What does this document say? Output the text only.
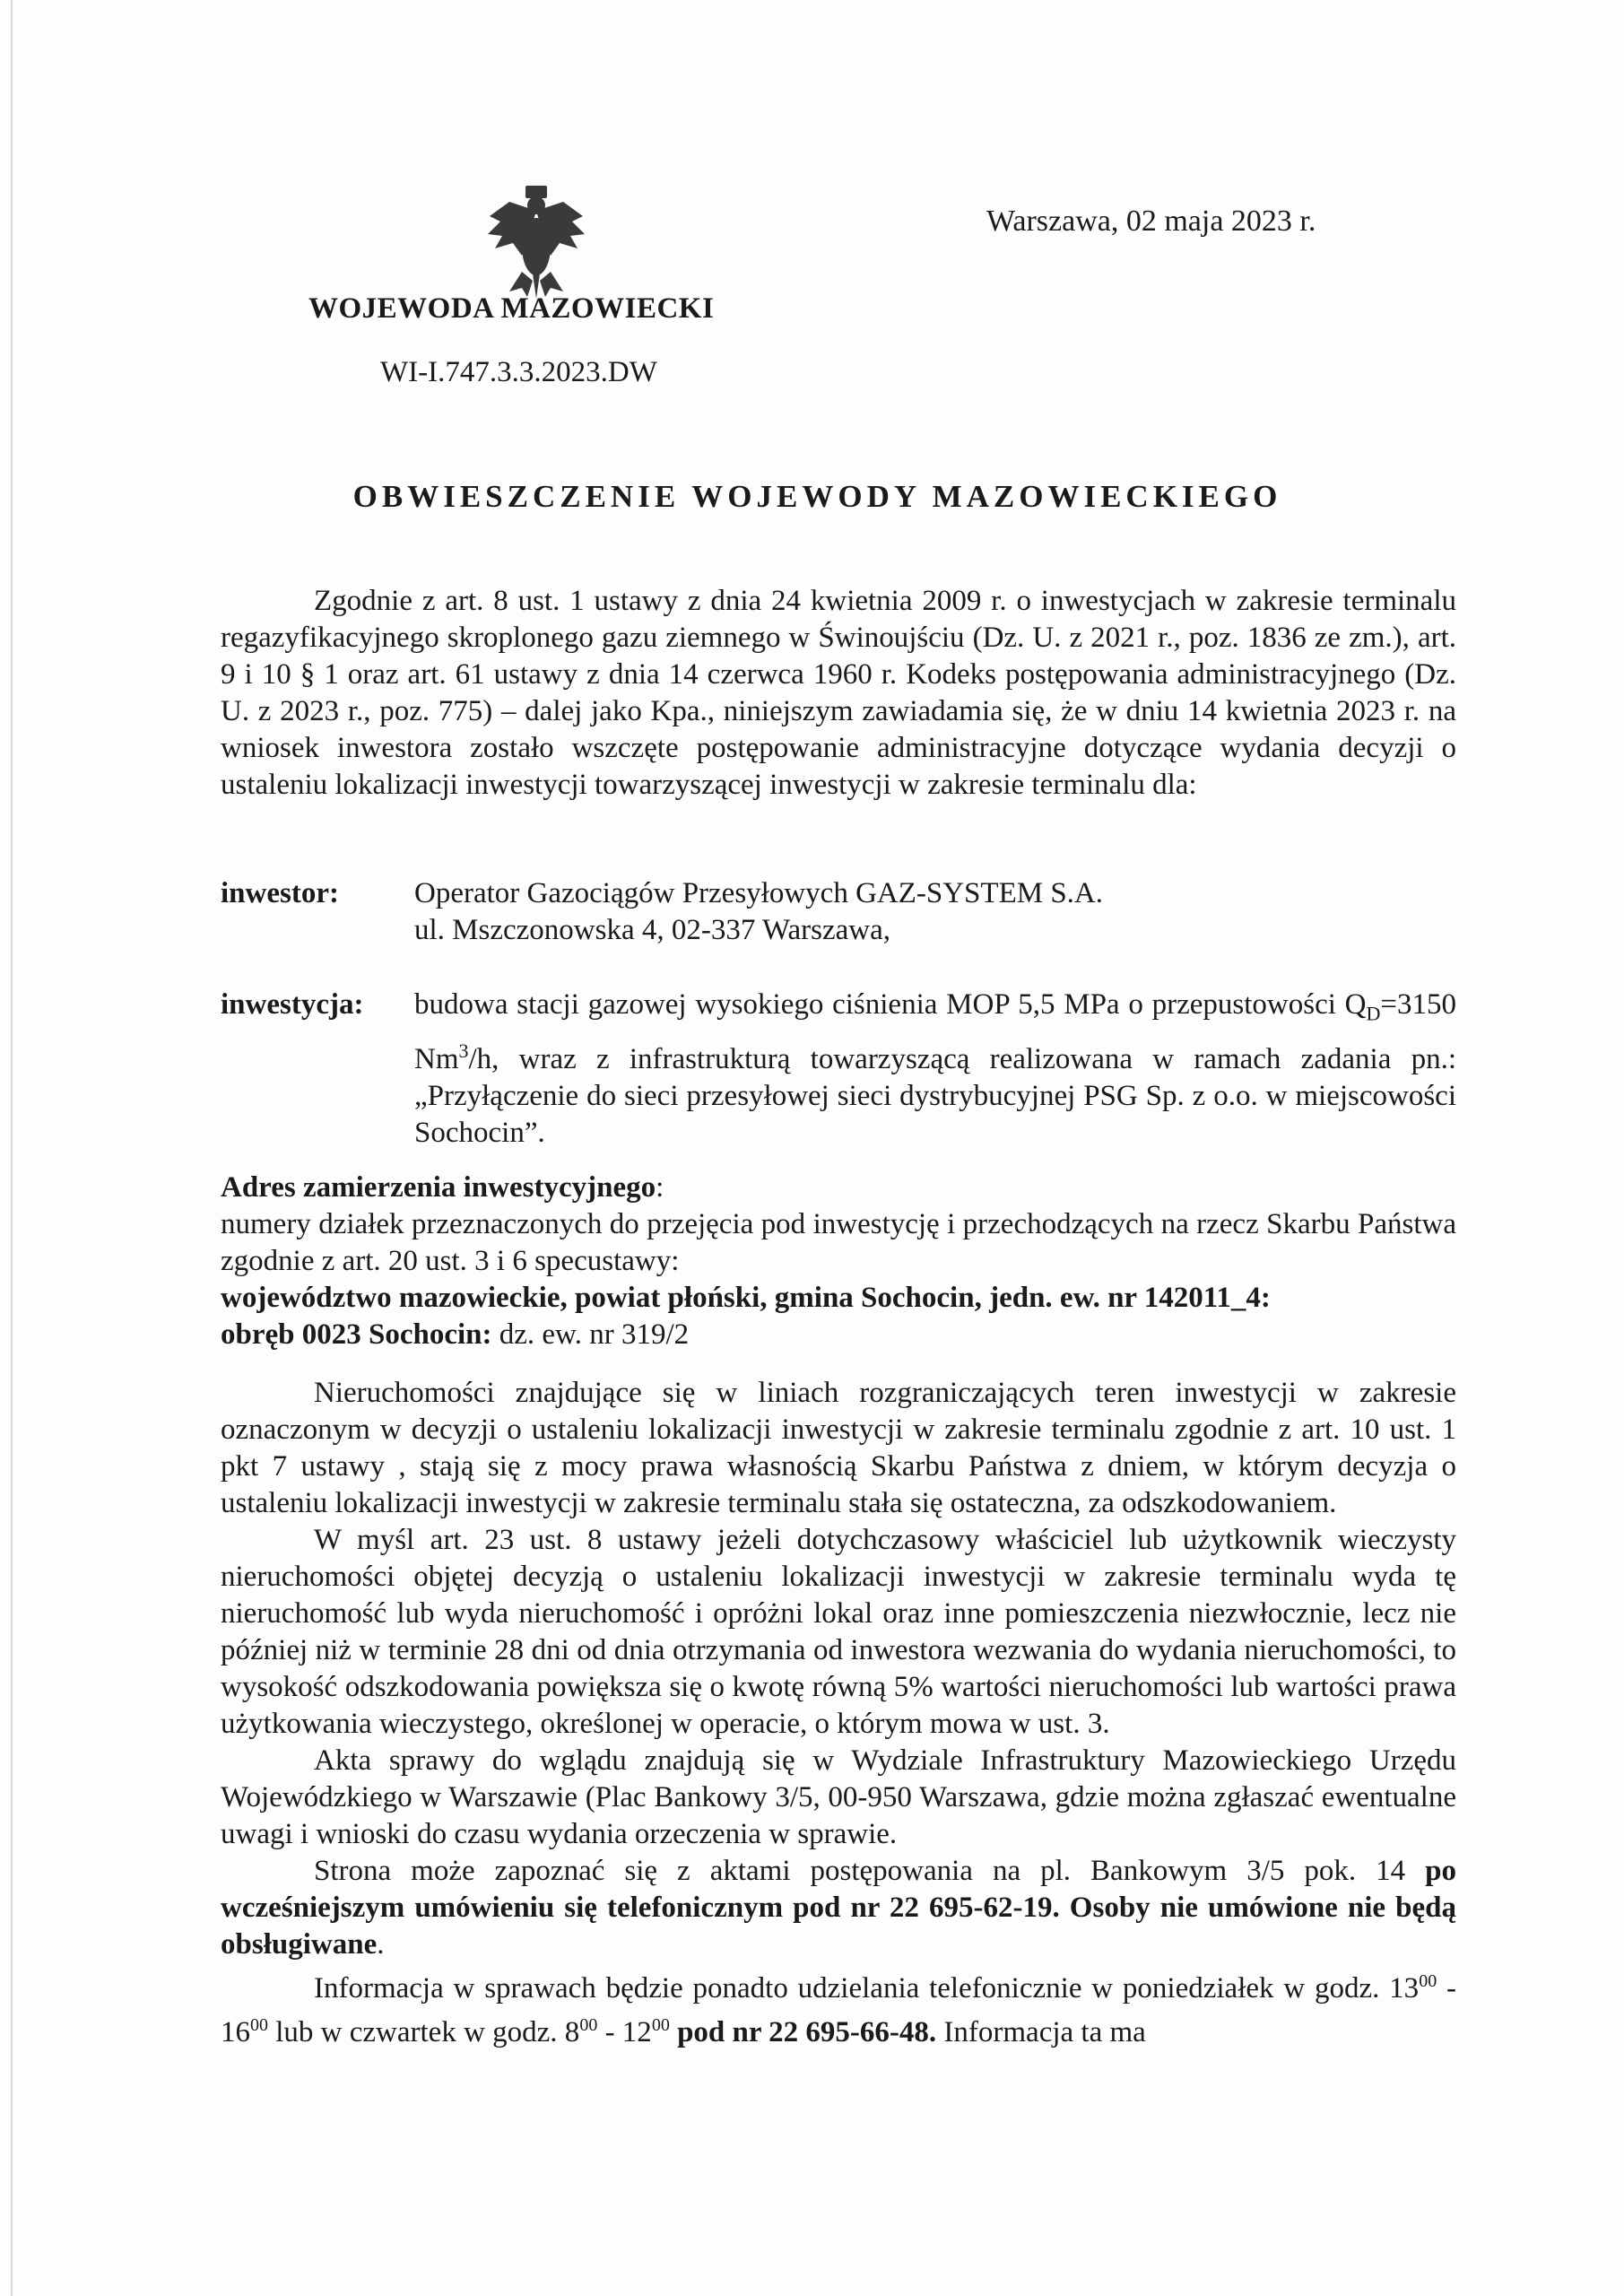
Warszawa, 02 maja 2023 r.
WOJEWODA MAZOWIECKI
WI-I.747.3.3.2023.DW
OBWIESZCZENIE WOJEWODY MAZOWIECKIEGO

Zgodnie z art. 8 ust. 1 ustawy z dnia 24 kwietnia 2009 r. o inwestycjach w zakresie terminalu regazyfikacyjnego skroplonego gazu ziemnego w Świnoujściu (Dz. U. z 2021 r., poz. 1836 ze zm.), art. 9 i 10 § 1 oraz art. 61 ustawy z dnia 14 czerwca 1960 r. Kodeks postępowania administracyjnego (Dz. U. z 2023 r., poz. 775) – dalej jako Kpa., niniejszym zawiadamia się, że w dniu 14 kwietnia 2023 r. na wniosek inwestora zostało wszczęte postępowanie administracyjne dotyczące wydania decyzji o ustaleniu lokalizacji inwestycji towarzyszącej inwestycji w zakresie terminalu dla:

inwestor:	Operator Gazociągów Przesyłowych GAZ-SYSTEM S.A.
ul. Mszczonowska 4, 02-337 Warszawa,
inwestycja: budowa stacji gazowej wysokiego ciśnienia MOP 5,5 MPa o przepustowości $Q_D=3150$ Nm$^3$/h, wraz z infrastrukturą towarzyszącą realizowana w ramach zadania pn.: „Przyłączenie do sieci przesyłowej sieci dystrybucyjnej PSG Sp. z o.o. w miejscowości Sochocin”.

Adres zamierzenia inwestycyjnego:

numery działek przeznaczonych do przejęcia pod inwestycję i przechodzących na rzecz Skarbu Państwa zgodnie z art. 20 ust. 3 i 6 specustawy:

województwo mazowieckie, powiat płoński, gmina Sochocin, jedn. ew. nr 142011_4:

obręb 0023 Sochocin: dz. ew. nr 319/2

Nieruchomości znajdujące się w liniach rozgraniczających teren inwestycji w zakresie oznaczonym w decyzji o ustaleniu lokalizacji inwestycji w zakresie terminalu zgodnie z art. 10 ust. 1 pkt 7 ustawy , stają się z mocy prawa własnością Skarbu Państwa z dniem, w którym decyzja o ustaleniu lokalizacji inwestycji w zakresie terminalu stała się ostateczna, za odszkodowaniem.

W myśl art. 23 ust. 8 ustawy jeżeli dotychczasowy właściciel lub użytkownik wieczysty nieruchomości objętej decyzją o ustaleniu lokalizacji inwestycji w zakresie terminalu wyda tę nieruchomość lub wyda nieruchomość i opróżni lokal oraz inne pomieszczenia niezwłocznie, lecz nie później niż w terminie 28 dni od dnia otrzymania od inwestora wezwania do wydania nieruchomości, to wysokość odszkodowania powiększa się o kwotę równą 5% wartości nieruchomości lub wartości prawa użytkowania wieczystego, określonej w operacie, o którym mowa w ust. 3.

Akta sprawy do wglądu znajdują się w Wydziale Infrastruktury Mazowieckiego Urzędu Wojewódzkiego w Warszawie (Plac Bankowy 3/5, 00-950 Warszawa, gdzie można zgłaszać ewentualne uwagi i wnioski do czasu wydania orzeczenia w sprawie.

Strona może zapoznać się z aktami postępowania na pl. Bankowym 3/5 pok. 14 po wcześniejszym umówieniu się telefonicznym pod nr 22 695-62-19. Osoby nie umówione nie będą obsługiwane.

Informacja w sprawach będzie ponadto udzielania telefonicznie w poniedziałek w godz. $13^{00} - 16^{00}$ lub w czwartek w godz. $8^{00} - 12^{00}$ pod nr 22 695-66-48. Informacja ta ma
